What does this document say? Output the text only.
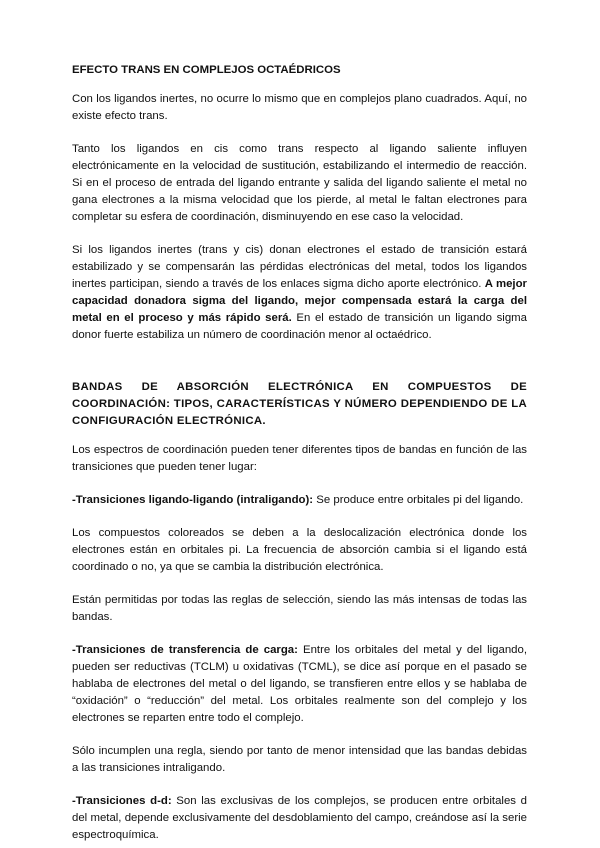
EFECTO TRANS EN COMPLEJOS OCTAÉDRICOS

Con los ligandos inertes, no ocurre lo mismo que en complejos plano cuadrados. Aquí, no existe efecto trans.

Tanto los ligandos en cis como trans respecto al ligando saliente influyen electrónicamente en la velocidad de sustitución, estabilizando el intermedio de reacción. Si en el proceso de entrada del ligando entrante y salida del ligando saliente el metal no gana electrones a la misma velocidad que los pierde, al metal le faltan electrones para completar su esfera de coordinación, disminuyendo en ese caso la velocidad.

Si los ligandos inertes (trans y cis) donan electrones el estado de transición estará estabilizado y se compensarán las pérdidas electrónicas del metal, todos los ligandos inertes participan, siendo a través de los enlaces sigma dicho aporte electrónico. A mejor capacidad donadora sigma del ligando, mejor compensada estará la carga del metal en el proceso y más rápido será. En el estado de transición un ligando sigma donor fuerte estabiliza un número de coordinación menor al octaédrico.

BANDAS DE ABSORCIÓN ELECTRÓNICA EN COMPUESTOS DE COORDINACIÓN: TIPOS, CARACTERÍSTICAS Y NÚMERO DEPENDIENDO DE LA CONFIGURACIÓN ELECTRÓNICA.

Los espectros de coordinación pueden tener diferentes tipos de bandas en función de las transiciones que pueden tener lugar:

-Transiciones ligando-ligando (intraligando): Se produce entre orbitales pi del ligando.

Los compuestos coloreados se deben a la deslocalización electrónica donde los electrones están en orbitales pi. La frecuencia de absorción cambia si el ligando está coordinado o no, ya que se cambia la distribución electrónica.

Están permitidas por todas las reglas de selección, siendo las más intensas de todas las bandas.

-Transiciones de transferencia de carga: Entre los orbitales del metal y del ligando, pueden ser reductivas (TCLM) u oxidativas (TCML), se dice así porque en el pasado se hablaba de electrones del metal o del ligando, se transfieren entre ellos y se hablaba de “oxidación” o “reducción” del metal. Los orbitales realmente son del complejo y los electrones se reparten entre todo el complejo.

Sólo incumplen una regla, siendo por tanto de menor intensidad que las bandas debidas a las transiciones intraligando.

-Transiciones d-d: Son las exclusivas de los complejos, se producen entre orbitales d del metal, depende exclusivamente del desdoblamiento del campo, creándose así la serie espectroquímica.
